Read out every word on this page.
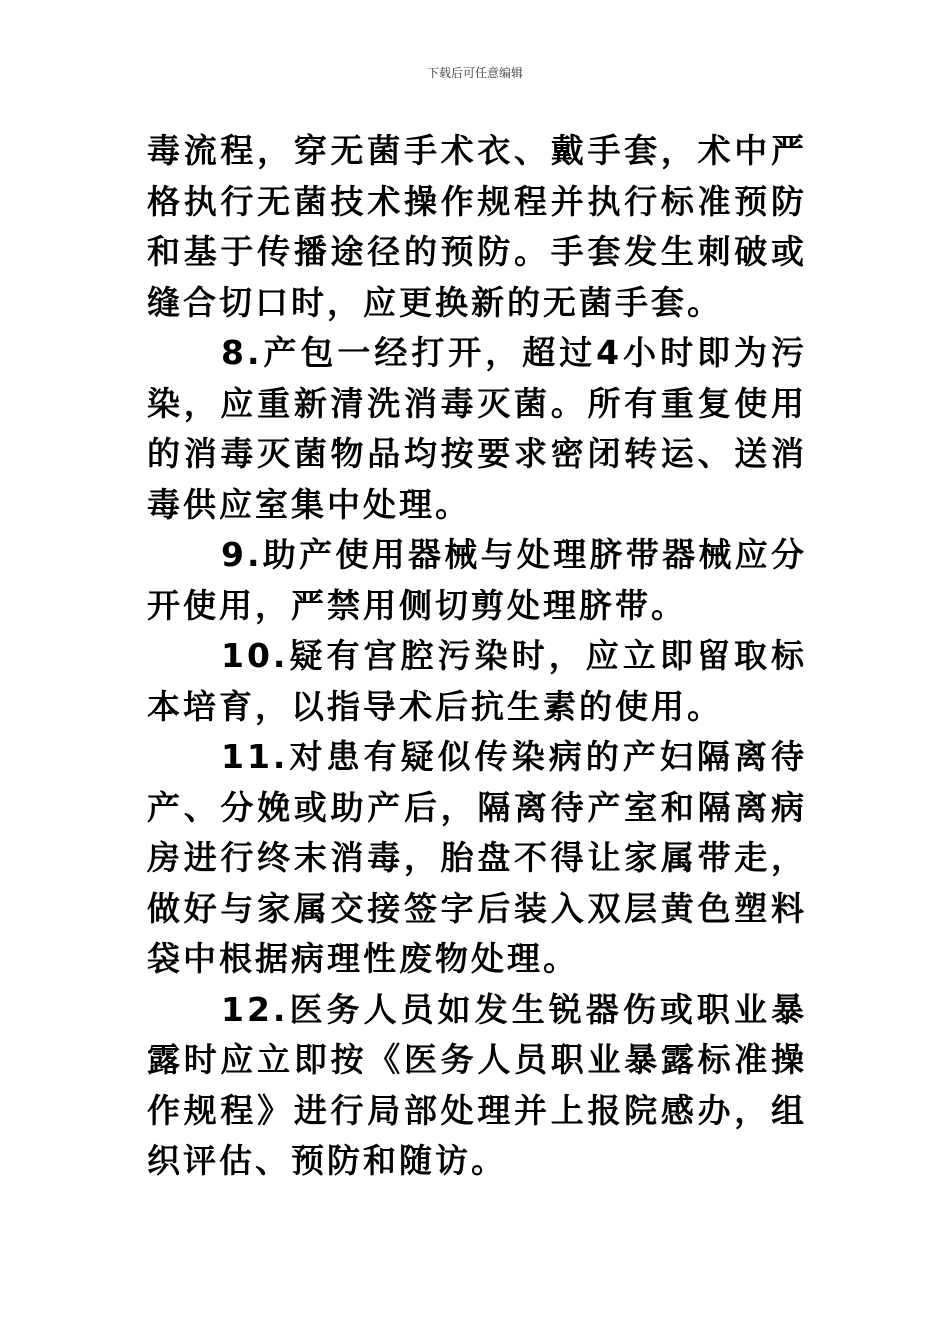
下载后可任意编辑

毒流程，穿无菌手术衣、戴手套，术中严格执行无菌技术操作规程并执行标准预防和基于传播途径的预防。手套发生刺破或缝合切口时，应更换新的无菌手套。

8.产包一经打开，超过4小时即为污染，应重新清洗消毒灭菌。所有重复使用的消毒灭菌物品均按要求密闭转运、送消毒供应室集中处理。

9.助产使用器械与处理脐带器械应分开使用，严禁用侧切剪处理脐带。

10.疑有宫腔污染时，应立即留取标本培育，以指导术后抗生素的使用。

11.对患有疑似传染病的产妇隔离待产、分娩或助产后，隔离待产室和隔离病房进行终末消毒，胎盘不得让家属带走，做好与家属交接签字后装入双层黄色塑料袋中根据病理性废物处理。

12.医务人员如发生锐器伤或职业暴露时应立即按《医务人员职业暴露标准操作规程》进行局部处理并上报院感办，组织评估、预防和随访。
